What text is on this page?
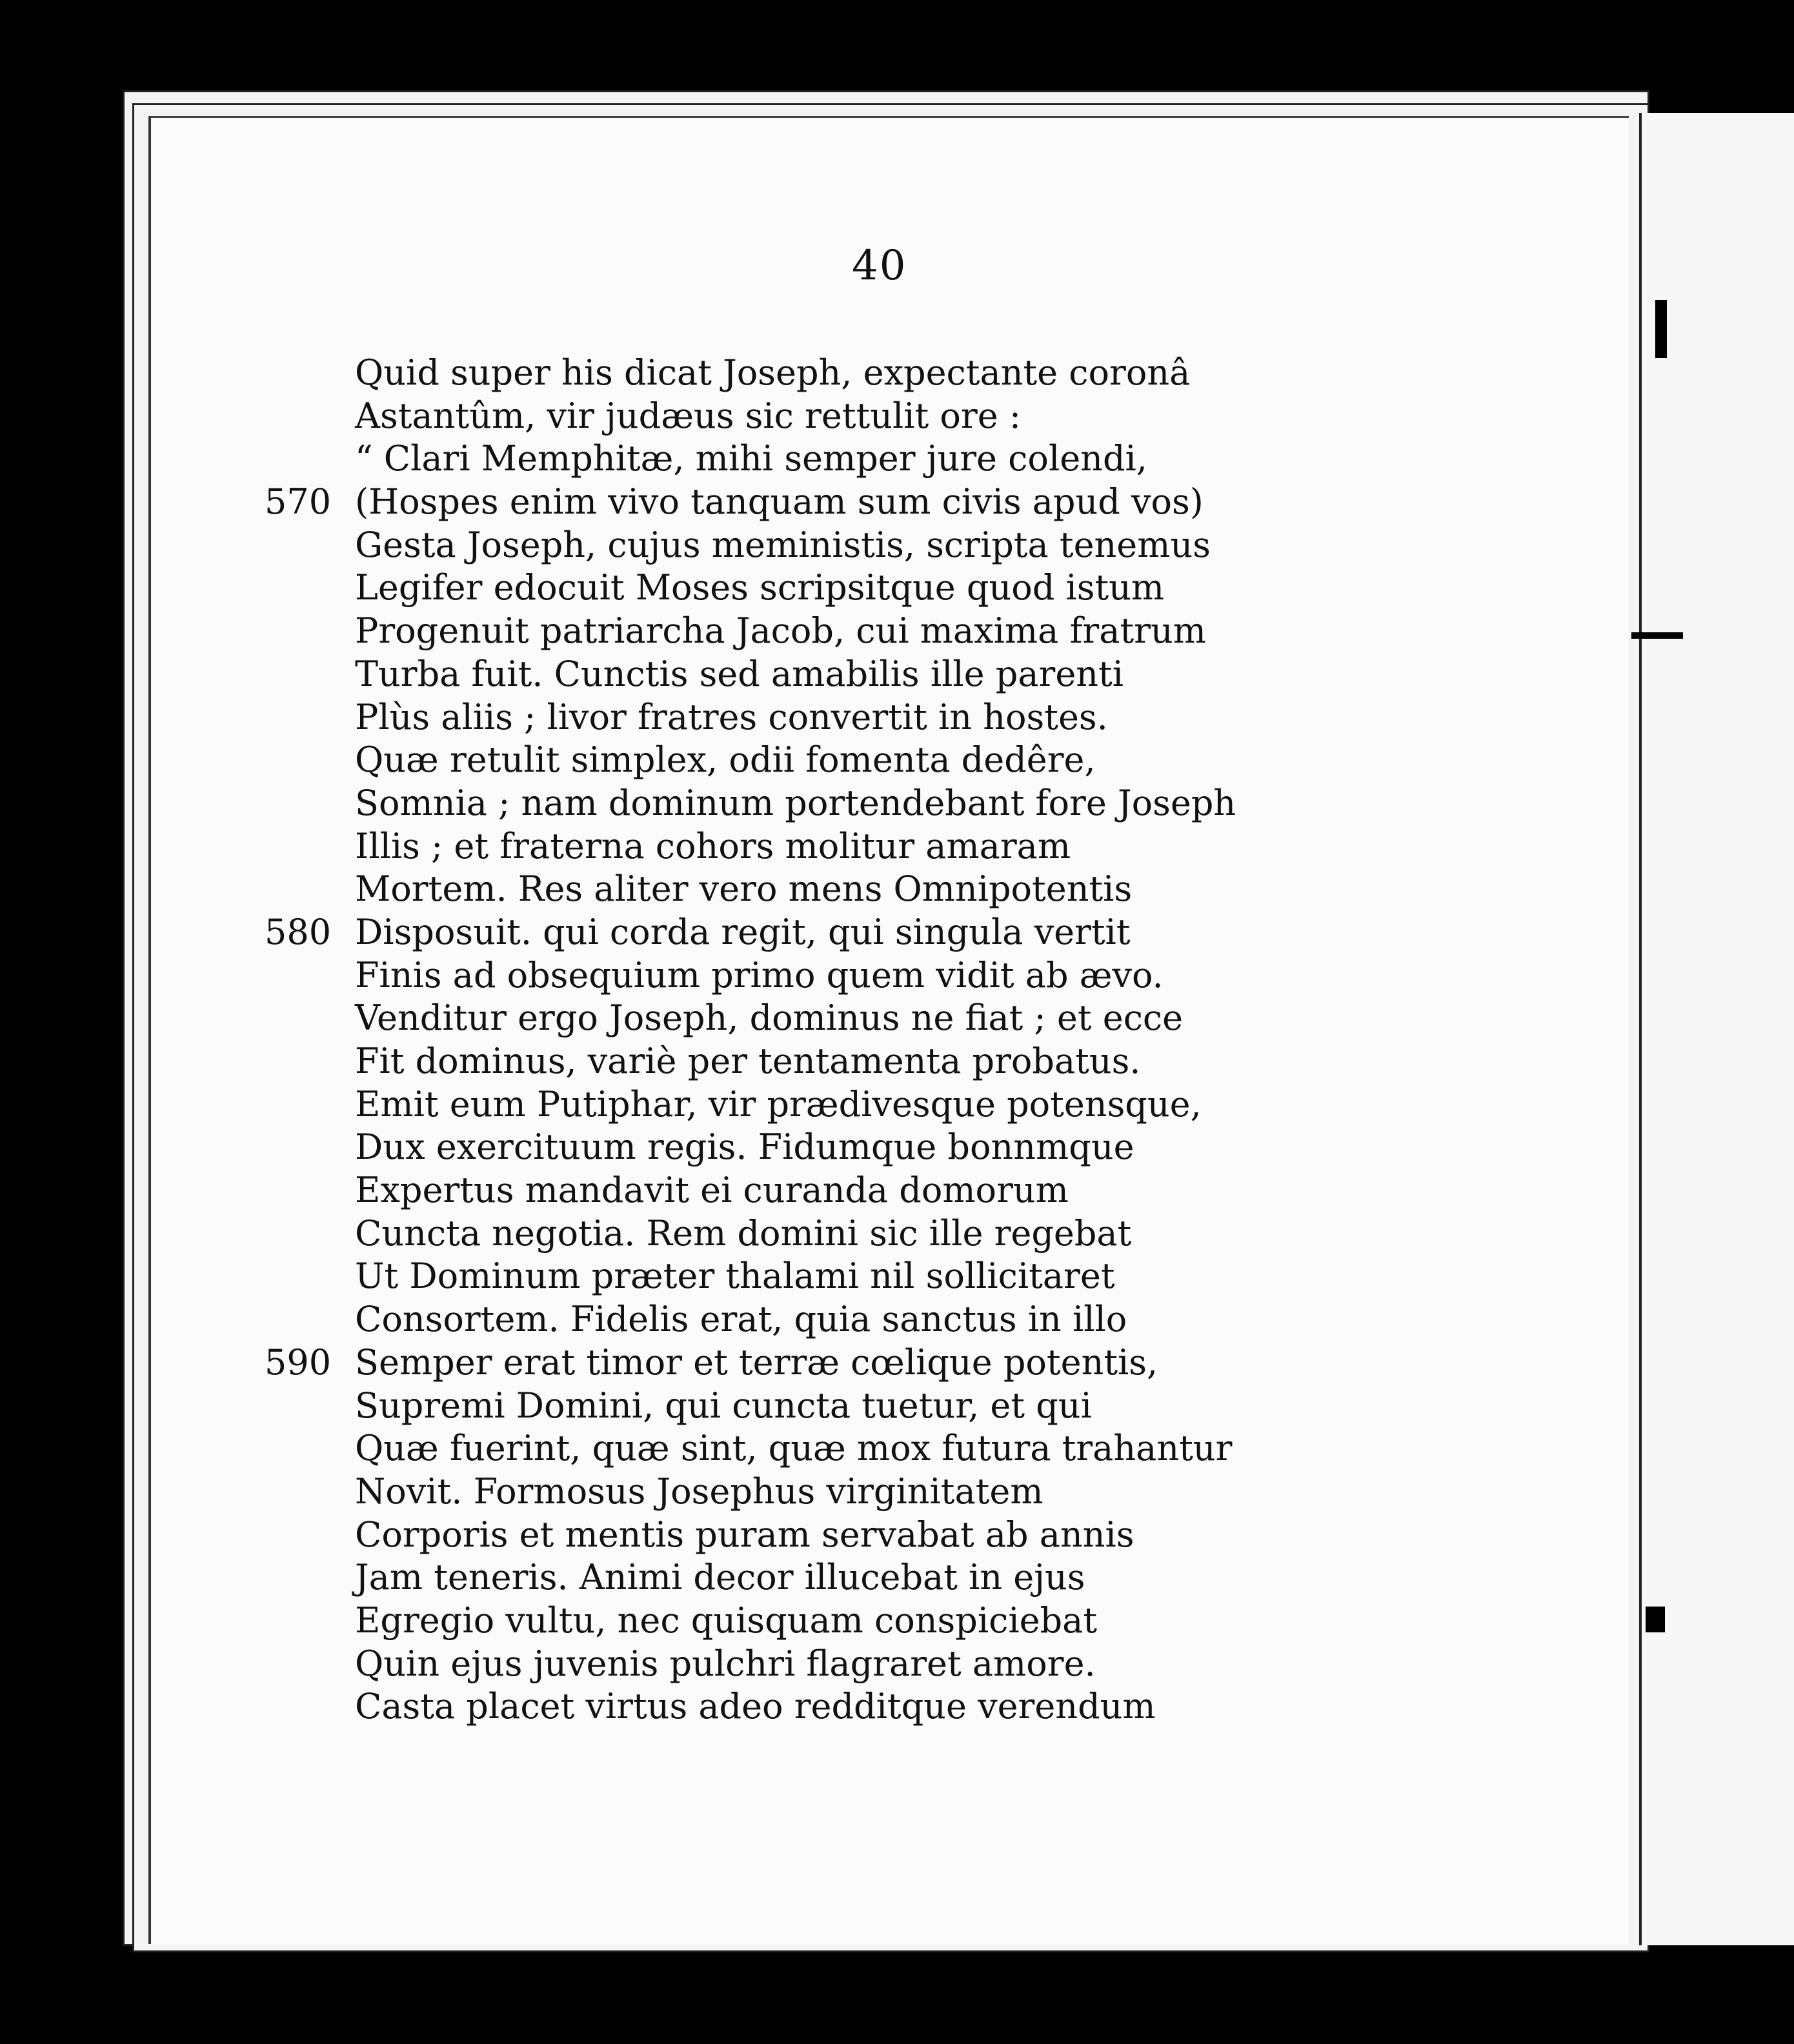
40
Quid super his dicat Joseph, expectante coronâ
Astantûm, vir judæus sic rettulit ore :
“ Clari Memphitæ, mihi semper jure colendi,
570 (Hospes enim vivo tanquam sum civis apud vos)
Gesta Joseph, cujus meministis, scripta tenemus
Legifer edocuit Moses scripsitque quod istum
Progenuit patriarcha Jacob, cui maxima fratrum
Turba fuit. Cunctis sed amabilis ille parenti
Plùs aliis ; livor fratres convertit in hostes.
Quæ retulit simplex, odii fomenta dedêre,
Somnia ; nam dominum portendebant fore Joseph
Illis ; et fraterna cohors molitur amaram
Mortem. Res aliter vero mens Omnipotentis
580 Disposuit. qui corda regit, qui singula vertit
Finis ad obsequium primo quem vidit ab ævo.
Venditur ergo Joseph, dominus ne fiat ; et ecce
Fit dominus, variè per tentamenta probatus.
Emit eum Putiphar, vir prædivesque potensque,
Dux exercituum regis. Fidumque bonnmque
Expertus mandavit ei curanda domorum
Cuncta negotia. Rem domini sic ille regebat
Ut Dominum præter thalami nil sollicitaret
Consortem. Fidelis erat, quia sanctus in illo
590 Semper erat timor et terræ cœlique potentis,
Supremi Domini, qui cuncta tuetur, et qui
Quæ fuerint, quæ sint, quæ mox futura trahantur
Novit. Formosus Josephus virginitatem
Corporis et mentis puram servabat ab annis
Jam teneris. Animi decor illucebat in ejus
Egregio vultu, nec quisquam conspiciebat
Quin ejus juvenis pulchri flagraret amore.
Casta placet virtus adeo redditque verendum
